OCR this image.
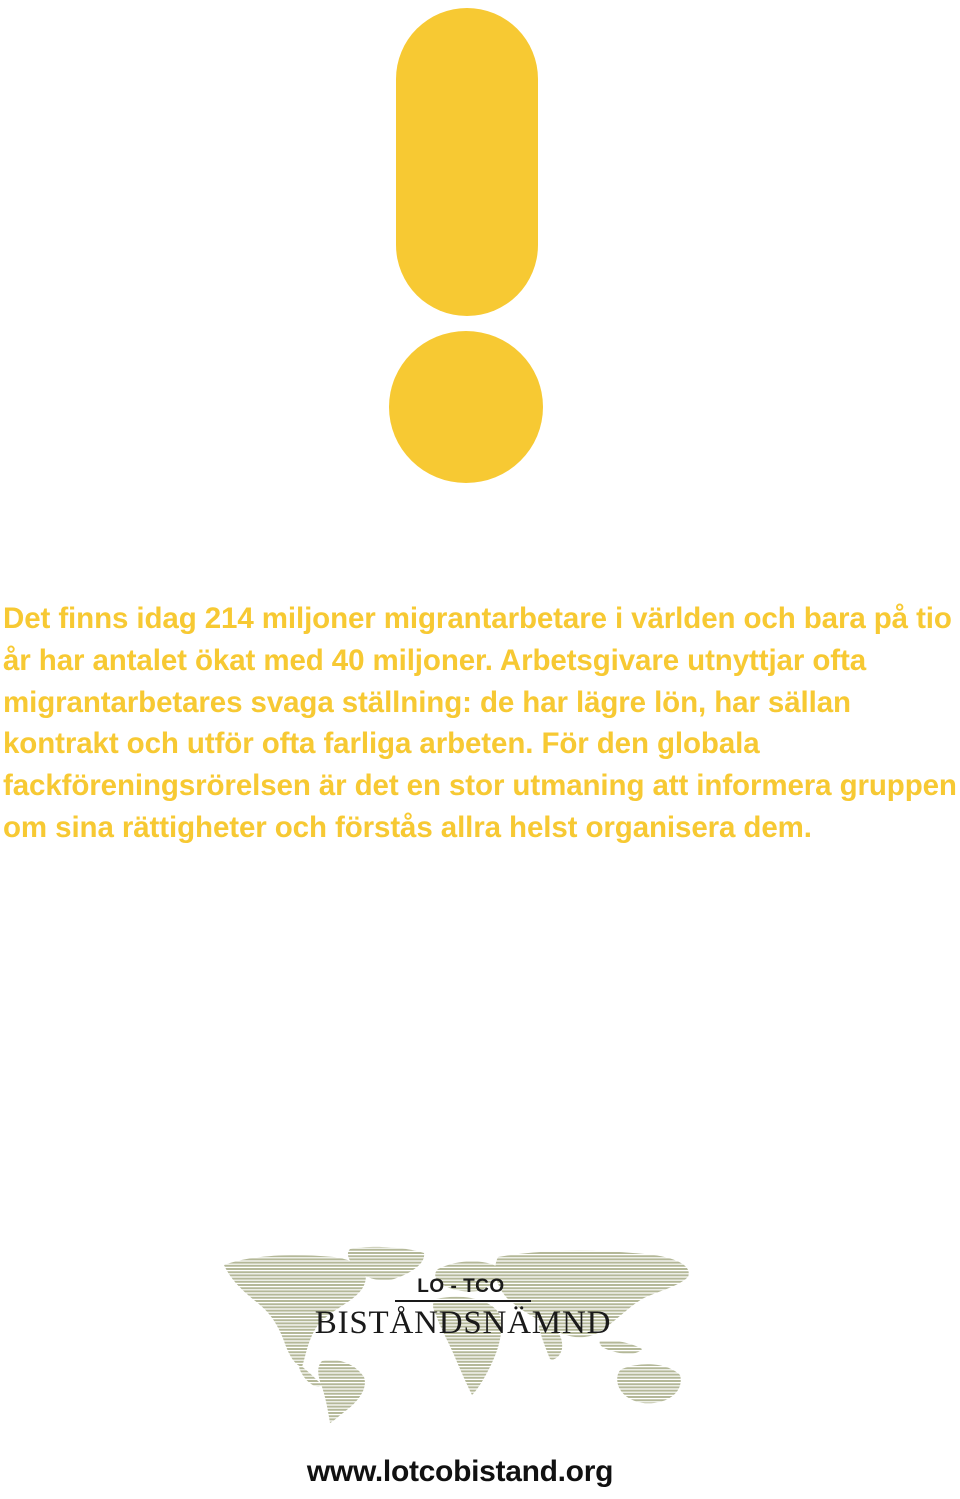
Det finns idag 214 miljoner migrantarbetare i världen och bara på tio år har antalet ökat med 40 miljoner. Arbetsgivare utnyttjar ofta migrantarbetares svaga ställning: de har lägre lön, har sällan kontrakt och utför ofta farliga arbeten. För den globala fackföreningsrörelsen är det en stor utmaning att informera gruppen om sina rättigheter och förstås allra helst organisera dem.

LO - TCO
BISTÅNDSNÄMND
www.lotcobistand.org
